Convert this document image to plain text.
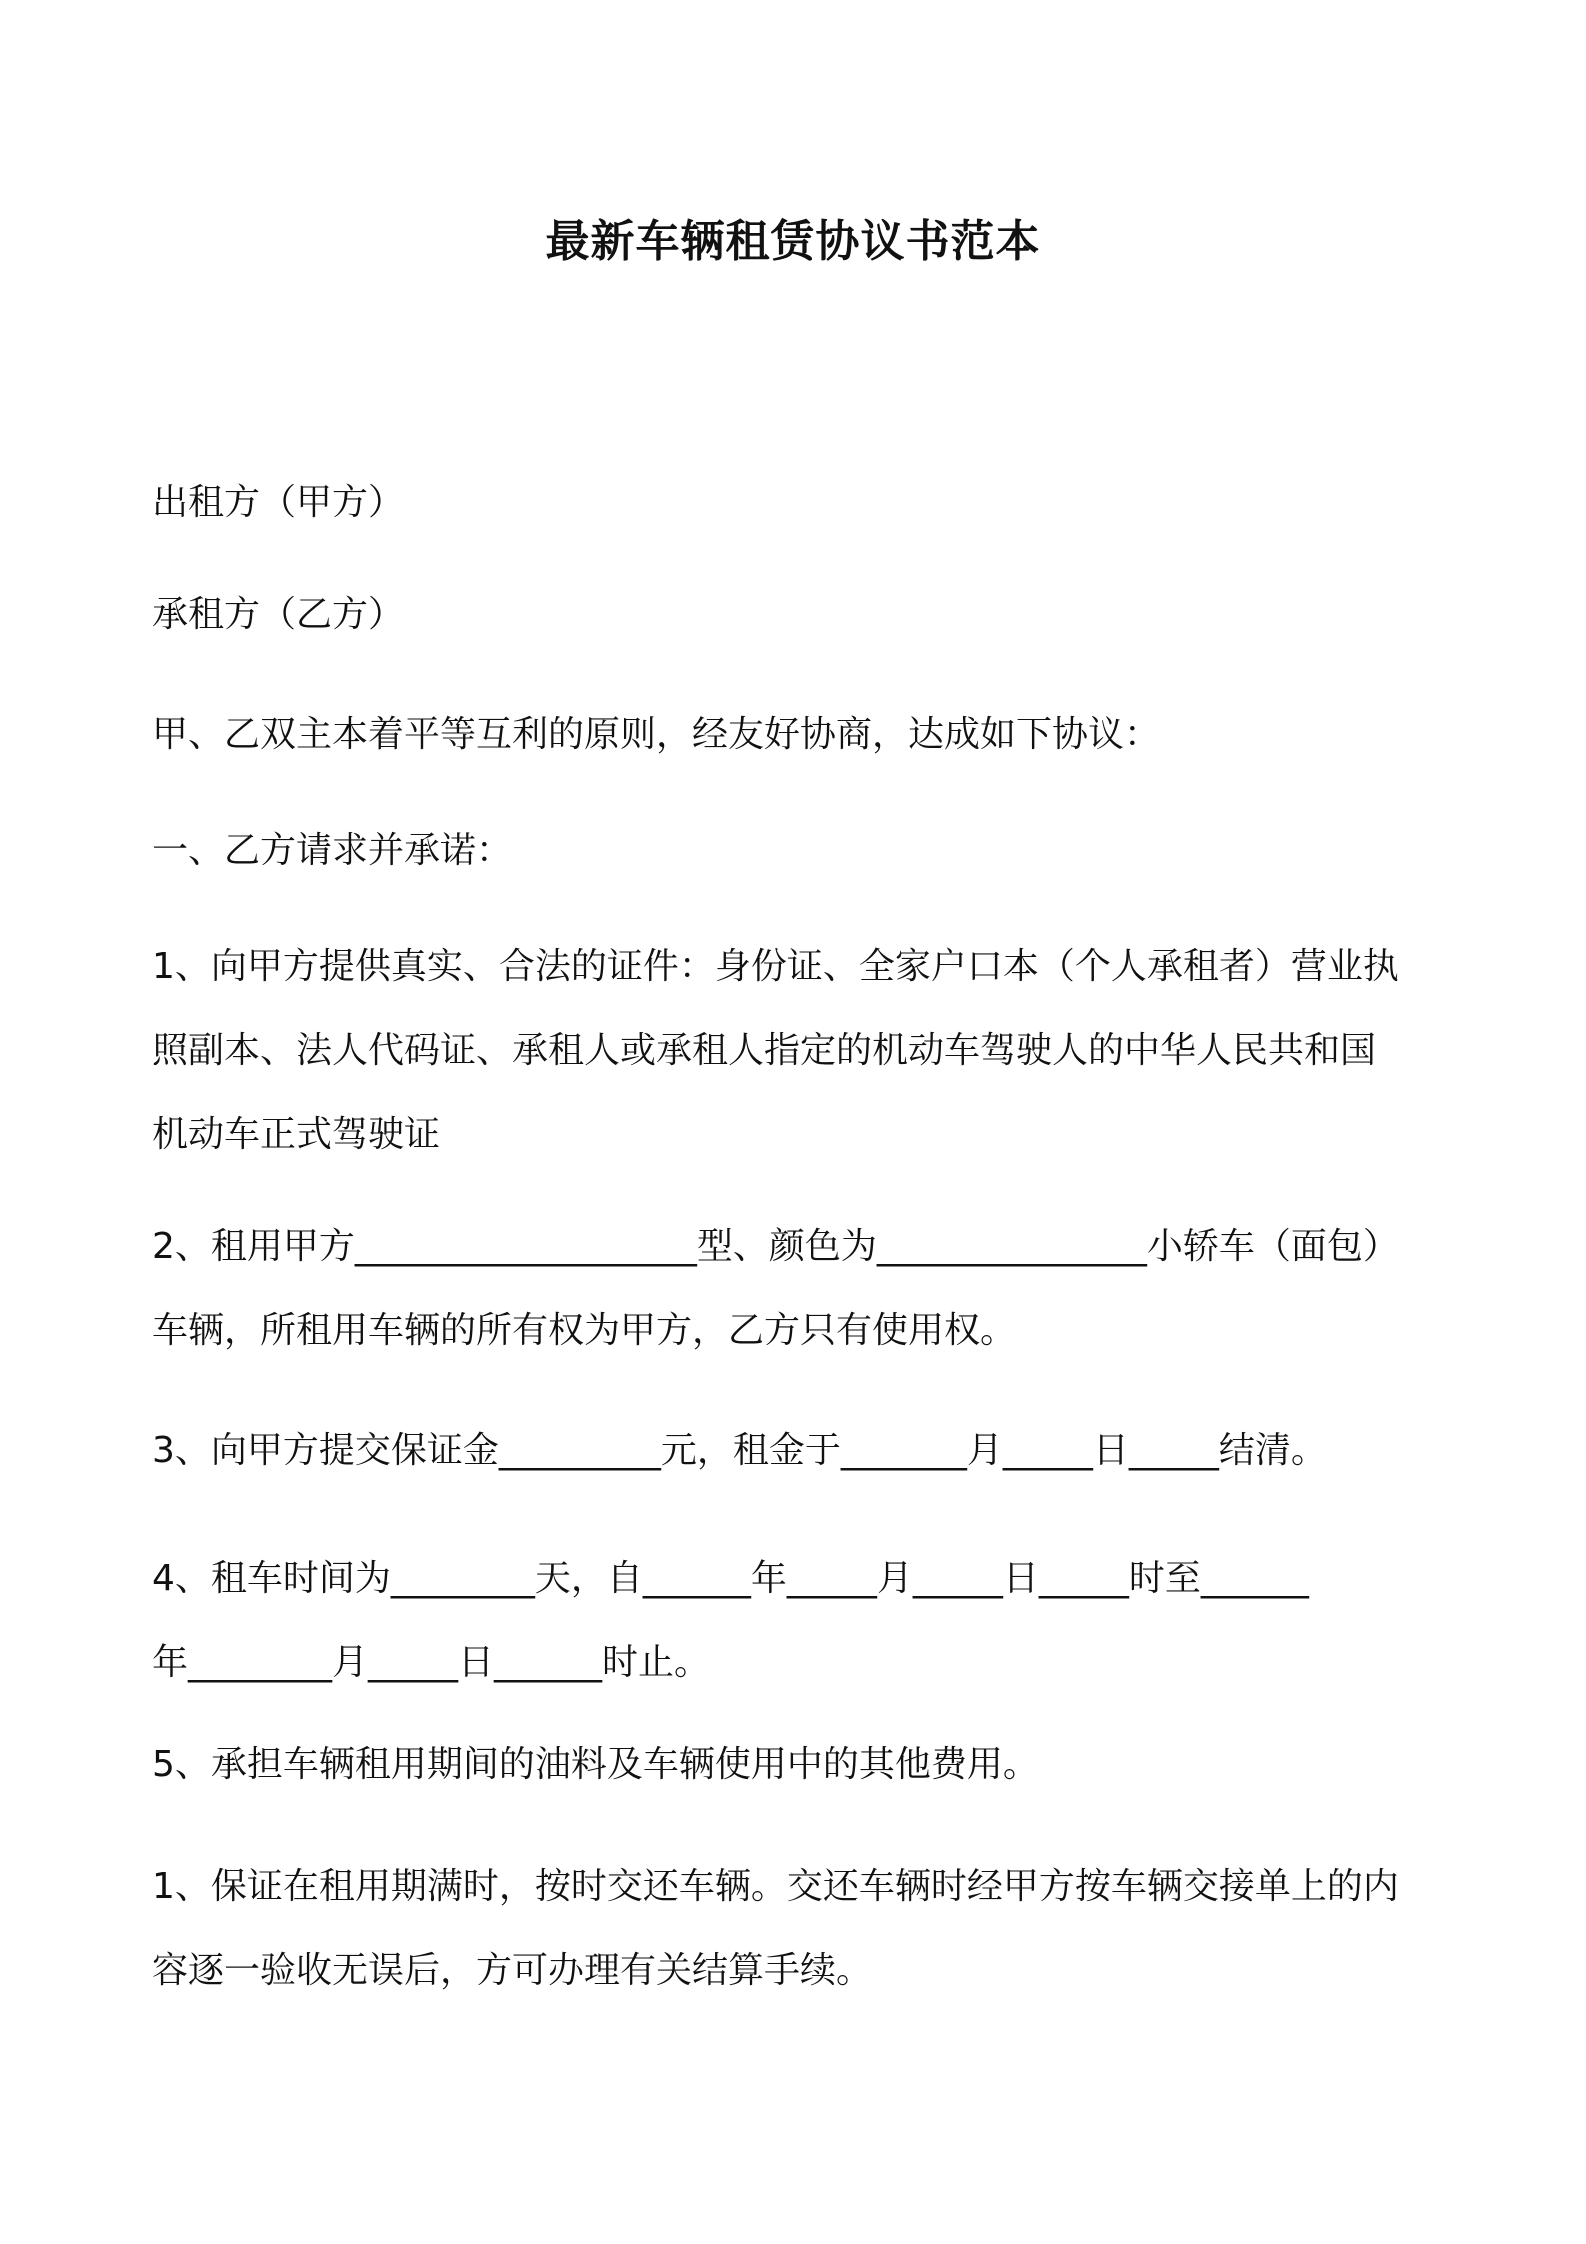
最新车辆租赁协议书范本

出租方（甲方）

承租方（乙方）

甲、乙双主本着平等互利的原则，经友好协商，达成如下协议：

一、乙方请求并承诺：

1、向甲方提供真实、合法的证件：身份证、全家户口本（个人承租者）营业执
照副本、法人代码证、承租人或承租人指定的机动车驾驶人的中华人民共和国
机动车正式驾驶证
2、租用甲方___________________型、颜色为_______________小轿车（面包）
车辆，所租用车辆的所有权为甲方，乙方只有使用权。

3、向甲方提交保证金_________元，租金于_______月_____日_____结清。

4、租车时间为________天，自______年_____月_____日_____时至______
年________月_____日______时止。

5、承担车辆租用期间的油料及车辆使用中的其他费用。

1、保证在租用期满时，按时交还车辆。交还车辆时经甲方按车辆交接单上的内
容逐一验收无误后，方可办理有关结算手续。
